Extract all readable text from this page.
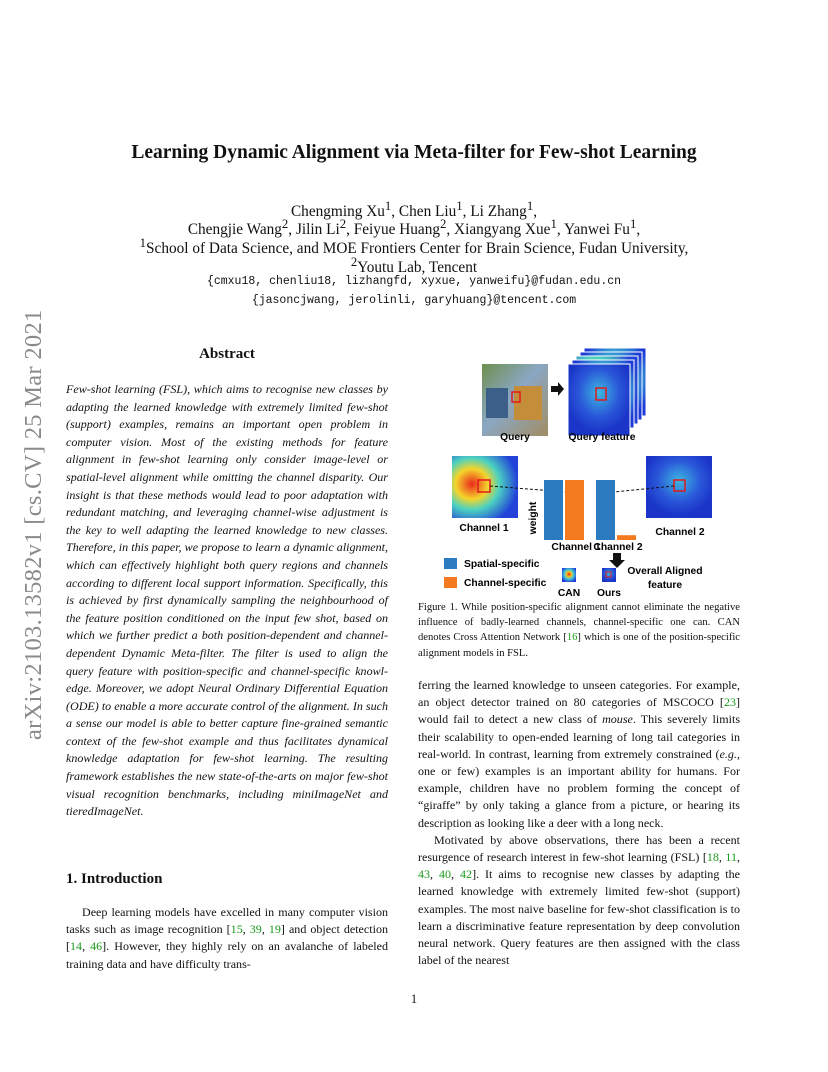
arXiv:2103.13582v1 [cs.CV] 25 Mar 2021
Learning Dynamic Alignment via Meta-filter for Few-shot Learning
Chengming Xu$^1$, Chen Liu$^1$, Li Zhang$^1$,
Chengjie Wang$^2$, Jilin Li$^2$, Feiyue Huang$^2$, Xiangyang Xue$^1$, Yanwei Fu$^1$,
$^1$School of Data Science, and MOE Frontiers Center for Brain Science, Fudan University,
$^2$Youtu Lab, Tencent
{cmxu18, chenliu18, lizhangfd, xyxue, yanweifu}@fudan.edu.cn
{jasoncjwang, jerolinli, garyhuang}@tencent.com
Abstract
Few-shot learning (FSL), which aims to recognise new classes by adapting the learned knowledge with extremely limited few-shot (support) examples, remains an important open problem in computer vision. Most of the existing methods for feature alignment in few-shot learning only consider image-level or spatial-level alignment while omitting the channel disparity. Our insight is that these methods would lead to poor adaptation with redundant matching, and leveraging channel-wise adjustment is the key to well adapting the learned knowledge to new classes. Therefore, in this paper, we propose to learn a dynamic alignment, which can effectively highlight both query regions and channels according to different local support information. Specifically, this is achieved by first dynamically sampling the neighbourhood of the feature position conditioned on the input few shot, based on which we further predict a both position-dependent and channel-dependent Dynamic Meta-filter. The filter is used to align the query feature with position-specific and channel-specific knowledge. Moreover, we adopt Neural Ordinary Differential Equation (ODE) to enable a more accurate control of the alignment. In such a sense our model is able to better capture fine-grained semantic context of the few-shot example and thus facilitates dynamical knowledge adaptation for few-shot learning. The resulting framework establishes the new state-of-the-arts on major few-shot visual recognition benchmarks, including miniImageNet and tieredImageNet.
1. Introduction
Deep learning models have excelled in many computer vision tasks such as image recognition [15, 39, 19] and object detection [14, 46]. However, they highly rely on an avalanche of labeled training data and have difficulty trans-
Query	Query feature
Channel 1	Channel 2
weight
Channel 1
Channel 2
Spatial-specific
Channel-specific
CAN Ours
Overall Aligned
feature
Figure 1. While position-specific alignment cannot eliminate the negative influence of badly-learned channels, channel-specific one can. CAN denotes Cross Attention Network [16] which is one of the position-specific alignment models in FSL.

ferring the learned knowledge to unseen categories. For example, an object detector trained on 80 categories of MSCOCO [23] would fail to detect a new class of mouse. This severely limits their scalability to open-ended learning of long tail categories in real-world. In contrast, learning from extremely constrained (e.g., one or few) examples is an important ability for humans. For example, children have no problem forming the concept of “giraffe” by only taking a glance from a picture, or hearing its description as looking like a deer with a long neck.

Motivated by above observations, there has been a recent resurgence of research interest in few-shot learning (FSL) [18, 11, 43, 40, 42]. It aims to recognise new classes by adapting the learned knowledge with extremely limited few-shot (support) examples. The most naive baseline for few-shot classification is to learn a discriminative feature representation by deep convolution neural network. Query features are then assigned with the class label of the nearest

1
